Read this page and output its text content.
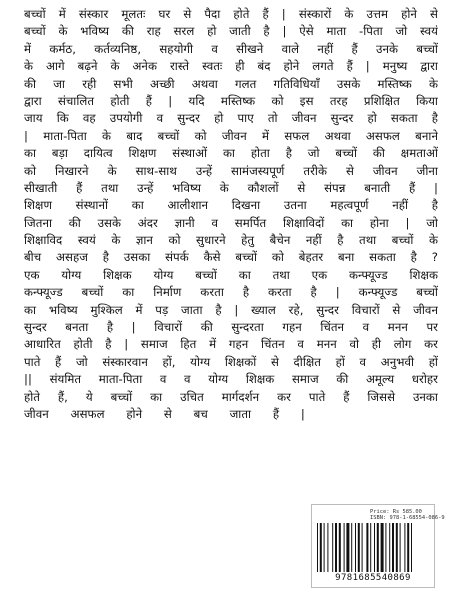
बच्चों में संस्कार मूलतः घर से पैदा होते हैं | संस्कारों के उत्तम होने से
बच्चों के भविष्य की राह सरल हो जाती है | ऐसे माता -पिता जो स्वयं
में कर्मठ, कर्तव्यनिष्ठ, सहयोगी व सीखने वाले नहीं हैं उनके बच्चों
के आगे बढ़ने के अनेक रास्ते स्वतः ही बंद होने लगते हैं | मनुष्य द्वारा
की जा रही सभी अच्छी अथवा गलत गतिविधियाँ उसके मस्तिष्क के
द्वारा संचालित होती हैं | यदि मस्तिष्क को इस तरह प्रशिक्षित किया
जाय कि वह उपयोगी व सुन्दर हो पाए तो जीवन सुन्दर हो सकता है
| माता-पिता के बाद बच्चों को जीवन में सफल अथवा असफल बनाने
का बड़ा दायित्व शिक्षण संस्थाओं का होता है जो बच्चों की क्षमताओं
को निखारने के साथ-साथ उन्हें सामंजस्यपूर्ण तरीके से जीवन जीना
सीखाती हैं तथा उन्हें भविष्य के कौशलों से संपन्न बनाती हैं |
शिक्षण संस्थानों का आलीशान दिखना उतना महत्वपूर्ण नहीं है
जितना की उसके अंदर ज्ञानी व समर्पित शिक्षाविदों का होना | जो
शिक्षाविद स्वयं के ज्ञान को सुधारने हेतु बैचेन नहीं है तथा बच्चों के
बीच असहज है उसका संपर्क कैसे बच्चों को बेहतर बना सकता है ?
एक योग्य शिक्षक योग्य बच्चों का तथा एक कन्फ्यूज्ड शिक्षक
कन्फ्यूज्ड बच्चों का निर्माण करता है करता है | कन्फ्यूज्ड बच्चों
का भविष्य मुश्किल में पड़ जाता है | ख्याल रहे, सुन्दर विचारों से जीवन
सुन्दर बनता है | विचारों की सुन्दरता गहन चिंतन व मनन पर
आधारित होती है | समाज हित में गहन चिंतन व मनन वो ही लोग कर
पाते हैं जो संस्कारवान हों, योग्य शिक्षकों से दीक्षित हों व अनुभवी हों
|| संयमित माता-पिता व व योग्य शिक्षक समाज की अमूल्य धरोहर
होते हैं, ये बच्चों का उचित मार्गदर्शन कर पाते हैं जिससे उनका
जीवन असफल होने से बच जाता हैं |
Price: Rs 585.00
ISBN: 978-1-68554-086-9
9781685540869
